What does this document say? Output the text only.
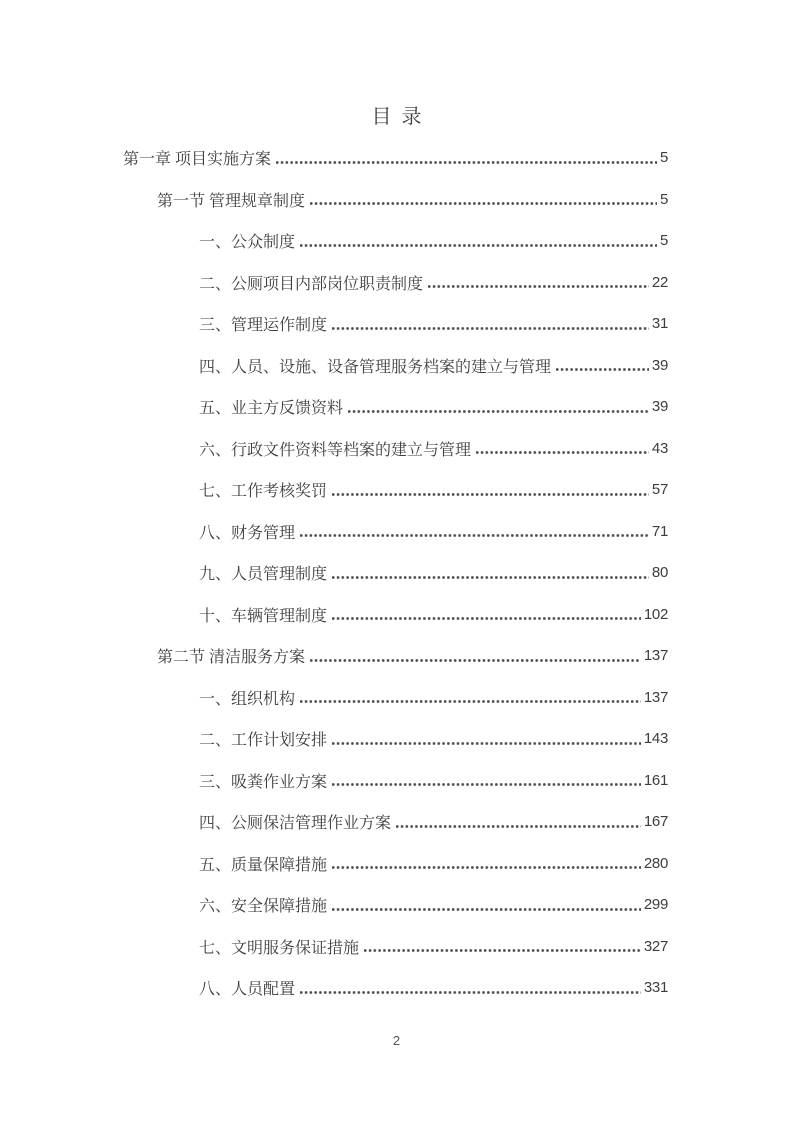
目录
第一章 项目实施方案	5
第一节 管理规章制度	5
一、公众制度	5
二、公厕项目内部岗位职责制度	22
三、管理运作制度	31
四、人员、设施、设备管理服务档案的建立与管理	39
五、业主方反馈资料	39
六、行政文件资料等档案的建立与管理	43
七、工作考核奖罚	57
八、财务管理	71
九、人员管理制度	80
十、车辆管理制度	102
第二节 清洁服务方案	137
一、组织机构	137
二、工作计划安排	143
三、吸粪作业方案	161
四、公厕保洁管理作业方案	167
五、质量保障措施	280
六、安全保障措施	299
七、文明服务保证措施	327
八、人员配置	331
2
